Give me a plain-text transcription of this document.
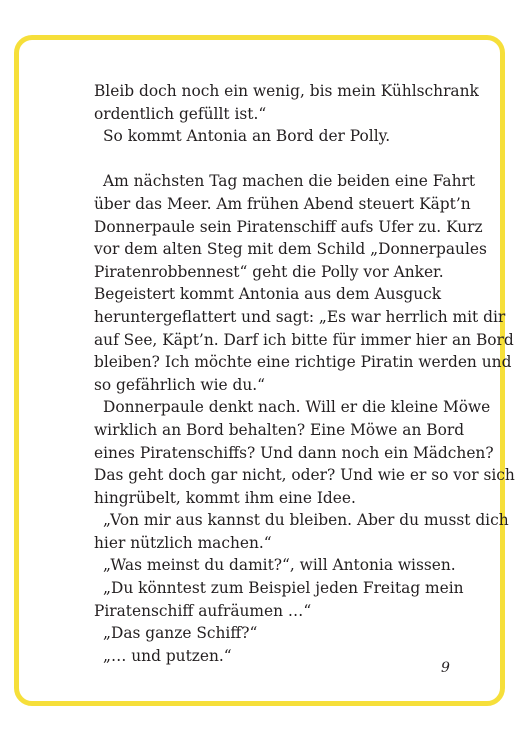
Bleib doch noch ein wenig, bis mein Kühlschrank
ordentlich gefüllt ist.“
So kommt Antonia an Bord der Polly.
Am nächsten Tag machen die beiden eine Fahrt
über das Meer. Am frühen Abend steuert Käpt’n
Donnerpaule sein Piratenschiff aufs Ufer zu. Kurz
vor dem alten Steg mit dem Schild „Donnerpaules
Piratenrobbennest“ geht die Polly vor Anker.
Begeistert kommt Antonia aus dem Ausguck
heruntergeflattert und sagt: „Es war herrlich mit dir
auf See, Käpt’n. Darf ich bitte für immer hier an Bord
bleiben? Ich möchte eine richtige Piratin werden und
so gefährlich wie du.“
Donnerpaule denkt nach. Will er die kleine Möwe
wirklich an Bord behalten? Eine Möwe an Bord
eines Piratenschiffs? Und dann noch ein Mädchen?
Das geht doch gar nicht, oder? Und wie er so vor sich
hingrübelt, kommt ihm eine Idee.
„Von mir aus kannst du bleiben. Aber du musst dich
hier nützlich machen.“
„Was meinst du damit?“, will Antonia wissen.
„Du könntest zum Beispiel jeden Freitag mein
Piratenschiff aufräumen …“
„Das ganze Schiff?“
„… und putzen.“
9
